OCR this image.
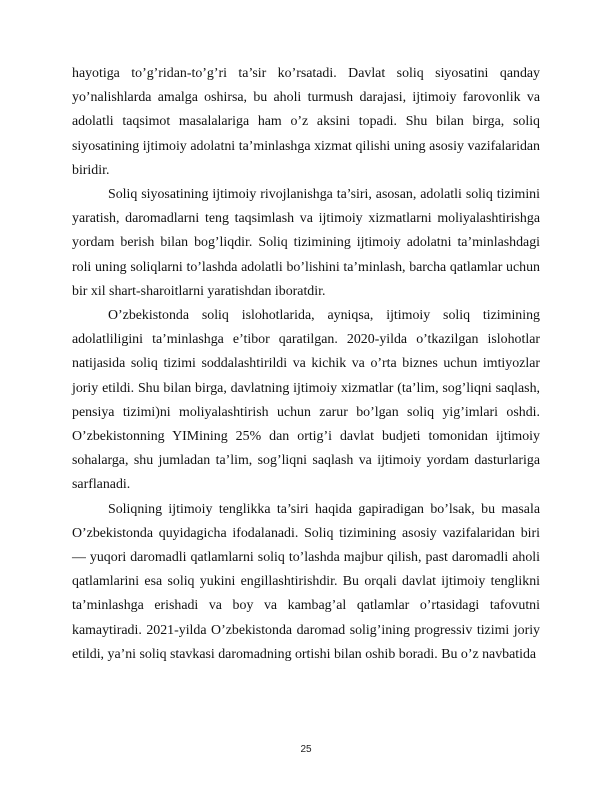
hayotiga to’g’ridan-to’g’ri ta’sir ko’rsatadi. Davlat soliq siyosatini qanday yo’nalishlarda amalga oshirsa, bu aholi turmush darajasi, ijtimoiy farovonlik va adolatli taqsimot masalalariga ham o’z aksini topadi. Shu bilan birga, soliq siyosatining ijtimoiy adolatni ta’minlashga xizmat qilishi uning asosiy vazifalaridan biridir.

Soliq siyosatining ijtimoiy rivojlanishga ta’siri, asosan, adolatli soliq tizimini yaratish, daromadlarni teng taqsimlash va ijtimoiy xizmatlarni moliyalashtirishga yordam berish bilan bog’liqdir. Soliq tizimining ijtimoiy adolatni ta’minlashdagi roli uning soliqlarni to’lashda adolatli bo’lishini ta’minlash, barcha qatlamlar uchun bir xil shart-sharoitlarni yaratishdan iboratdir.

O’zbekistonda soliq islohotlarida, ayniqsa, ijtimoiy soliq tizimining adolatliligini ta’minlashga e’tibor qaratilgan. 2020-yilda o’tkazilgan islohotlar natijasida soliq tizimi soddalashtirildi va kichik va o’rta biznes uchun imtiyozlar joriy etildi. Shu bilan birga, davlatning ijtimoiy xizmatlar (ta’lim, sog’liqni saqlash, pensiya tizimi)ni moliyalashtirish uchun zarur bo’lgan soliq yig’imlari oshdi. O’zbekistonning YIMining 25% dan ortig’i davlat budjeti tomonidan ijtimoiy sohalarga, shu jumladan ta’lim, sog’liqni saqlash va ijtimoiy yordam dasturlariga sarflanadi.

Soliqning ijtimoiy tenglikka ta’siri haqida gapiradigan bo’lsak, bu masala O’zbekistonda quyidagicha ifodalanadi. Soliq tizimining asosiy vazifalaridan biri — yuqori daromadli qatlamlarni soliq to’lashda majbur qilish, past daromadli aholi qatlamlarini esa soliq yukini engillashtirishdir. Bu orqali davlat ijtimoiy tenglikni ta’minlashga erishadi va boy va kambag’al qatlamlar o’rtasidagi tafovutni kamaytiradi. 2021-yilda O’zbekistonda daromad solig’ining progressiv tizimi joriy etildi, ya’ni soliq stavkasi daromadning ortishi bilan oshib boradi. Bu o’z navbatida

25
